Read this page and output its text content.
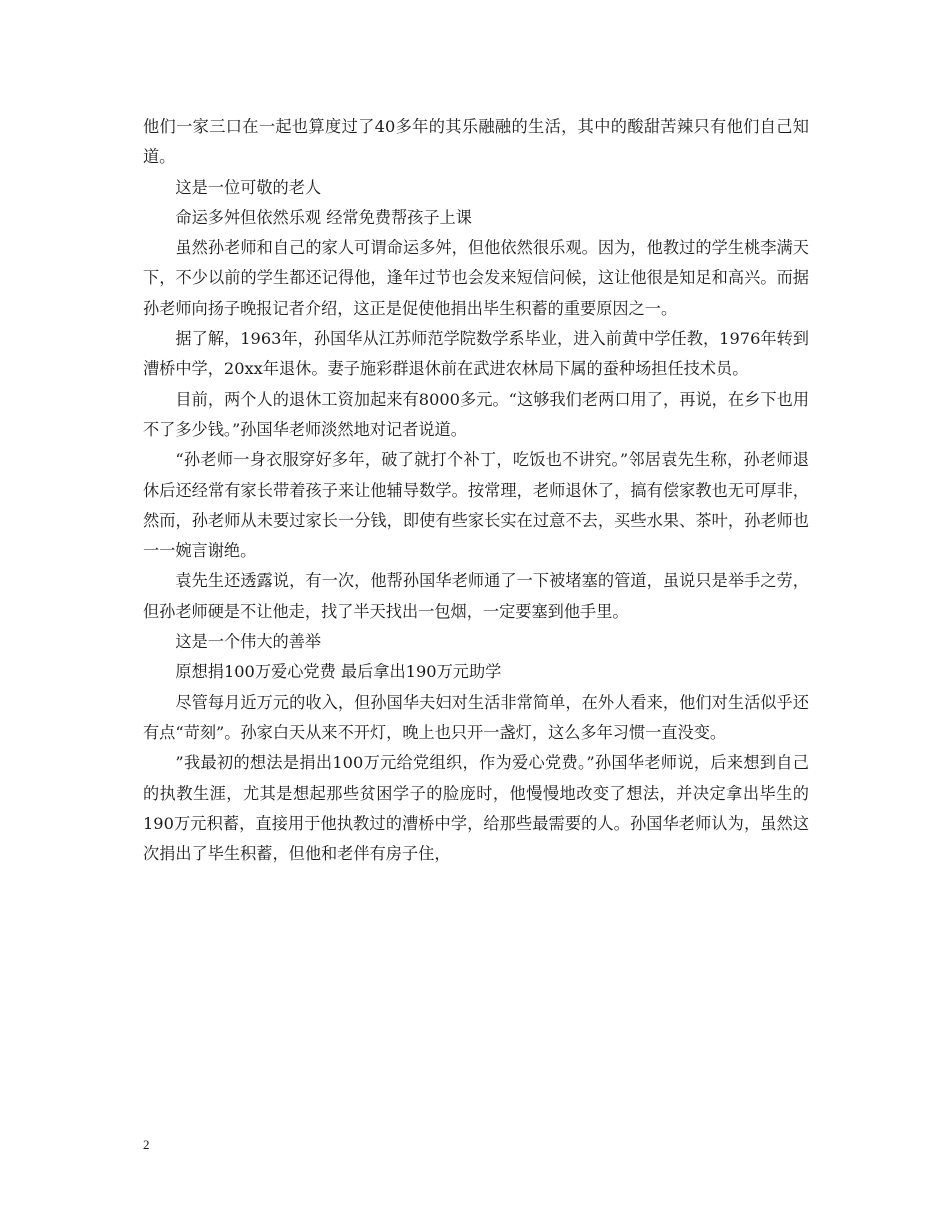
他们一家三口在一起也算度过了40多年的其乐融融的生活，其中的酸甜苦辣只有他们自己知道。

这是一位可敬的老人

命运多舛但依然乐观 经常免费帮孩子上课

虽然孙老师和自己的家人可谓命运多舛，但他依然很乐观。因为，他教过的学生桃李满天下，不少以前的学生都还记得他，逢年过节也会发来短信问候，这让他很是知足和高兴。而据孙老师向扬子晚报记者介绍，这正是促使他捐出毕生积蓄的重要原因之一。

据了解，1963年，孙国华从江苏师范学院数学系毕业，进入前黄中学任教，1976年转到漕桥中学，20xx年退休。妻子施彩群退休前在武进农林局下属的蚕种场担任技术员。

目前，两个人的退休工资加起来有8000多元。“这够我们老两口用了，再说，在乡下也用不了多少钱。”孙国华老师淡然地对记者说道。

“孙老师一身衣服穿好多年，破了就打个补丁，吃饭也不讲究。”邻居袁先生称，孙老师退休后还经常有家长带着孩子来让他辅导数学。按常理，老师退休了，搞有偿家教也无可厚非，然而，孙老师从未要过家长一分钱，即使有些家长实在过意不去，买些水果、茶叶，孙老师也一一婉言谢绝。

袁先生还透露说，有一次，他帮孙国华老师通了一下被堵塞的管道，虽说只是举手之劳，但孙老师硬是不让他走，找了半天找出一包烟，一定要塞到他手里。

这是一个伟大的善举

原想捐100万爱心党费 最后拿出190万元助学

尽管每月近万元的收入，但孙国华夫妇对生活非常简单，在外人看来，他们对生活似乎还有点“苛刻”。孙家白天从来不开灯，晚上也只开一盏灯，这么多年习惯一直没变。

”我最初的想法是捐出100万元给党组织，作为爱心党费。”孙国华老师说，后来想到自己的执教生涯，尤其是想起那些贫困学子的脸庞时，他慢慢地改变了想法，并决定拿出毕生的190万元积蓄，直接用于他执教过的漕桥中学，给那些最需要的人。孙国华老师认为，虽然这次捐出了毕生积蓄，但他和老伴有房子住，

2
